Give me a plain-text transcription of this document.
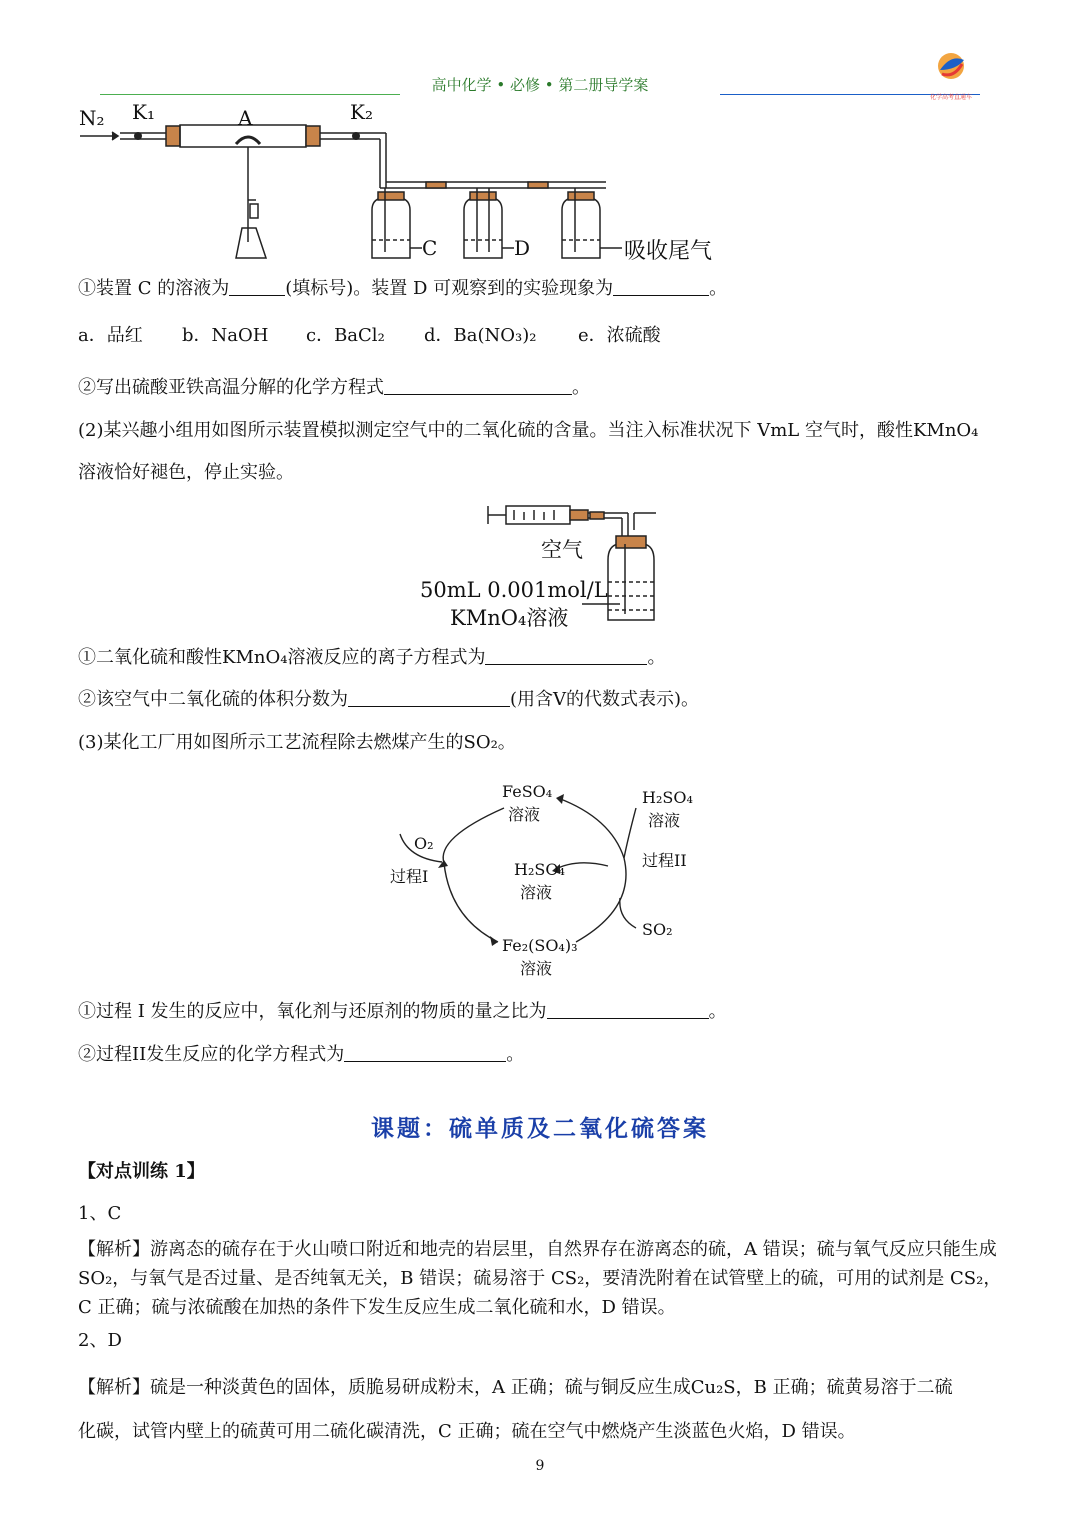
高中化学 • 必修 • 第二册导学案
化学高考直通车
N₂ K₁	A	K₂
C	D	吸收尾气
①装置 C 的溶液为	(填标号)。装置 D 可观察到的实验现象为	。
a．品红 b．NaOH c．BaCl₂ d．Ba(NO₃)₂ e．浓硫酸
②写出硫酸亚铁高温分解的化学方程式	。
(2)某兴趣小组用如图所示装置模拟测定空气中的二氧化硫的含量。当注入标准状况下 VmL 空气时，酸性KMnO₄
溶液恰好褪色，停止实验。
空气
50mL 0.001mol/L
KMnO₄溶液
①二氧化硫和酸性KMnO₄溶液反应的离子方程式为	。
②该空气中二氧化硫的体积分数为	(用含V的代数式表示)。
(3)某化工厂用如图所示工艺流程除去燃煤产生的SO₂。
FeSO₄
溶液
H₂SO₄
溶液
O₂
过程I	H₂SO₄
溶液
过程II
SO₂
Fe₂(SO₄)₃
溶液
①过程 I 发生的反应中，氧化剂与还原剂的物质的量之比为	。
②过程II发生反应的化学方程式为	。
课题：硫单质及二氧化硫答案
【对点训练 1】
1、C
【解析】游离态的硫存在于火山喷口附近和地壳的岩层里，自然界存在游离态的硫，A 错误；硫与氧气反应只能生成 SO₂，与氧气是否过量、是否纯氧无关，B 错误；硫易溶于 CS₂，要清洗附着在试管壁上的硫，可用的试剂是 CS₂，C 正确；硫与浓硫酸在加热的条件下发生反应生成二氧化硫和水，D 错误。
2、D
【解析】硫是一种淡黄色的固体，质脆易研成粉末，A 正确；硫与铜反应生成Cu₂S，B 正确；硫黄易溶于二硫
化碳，试管内壁上的硫黄可用二硫化碳清洗，C 正确；硫在空气中燃烧产生淡蓝色火焰，D 错误。
9
